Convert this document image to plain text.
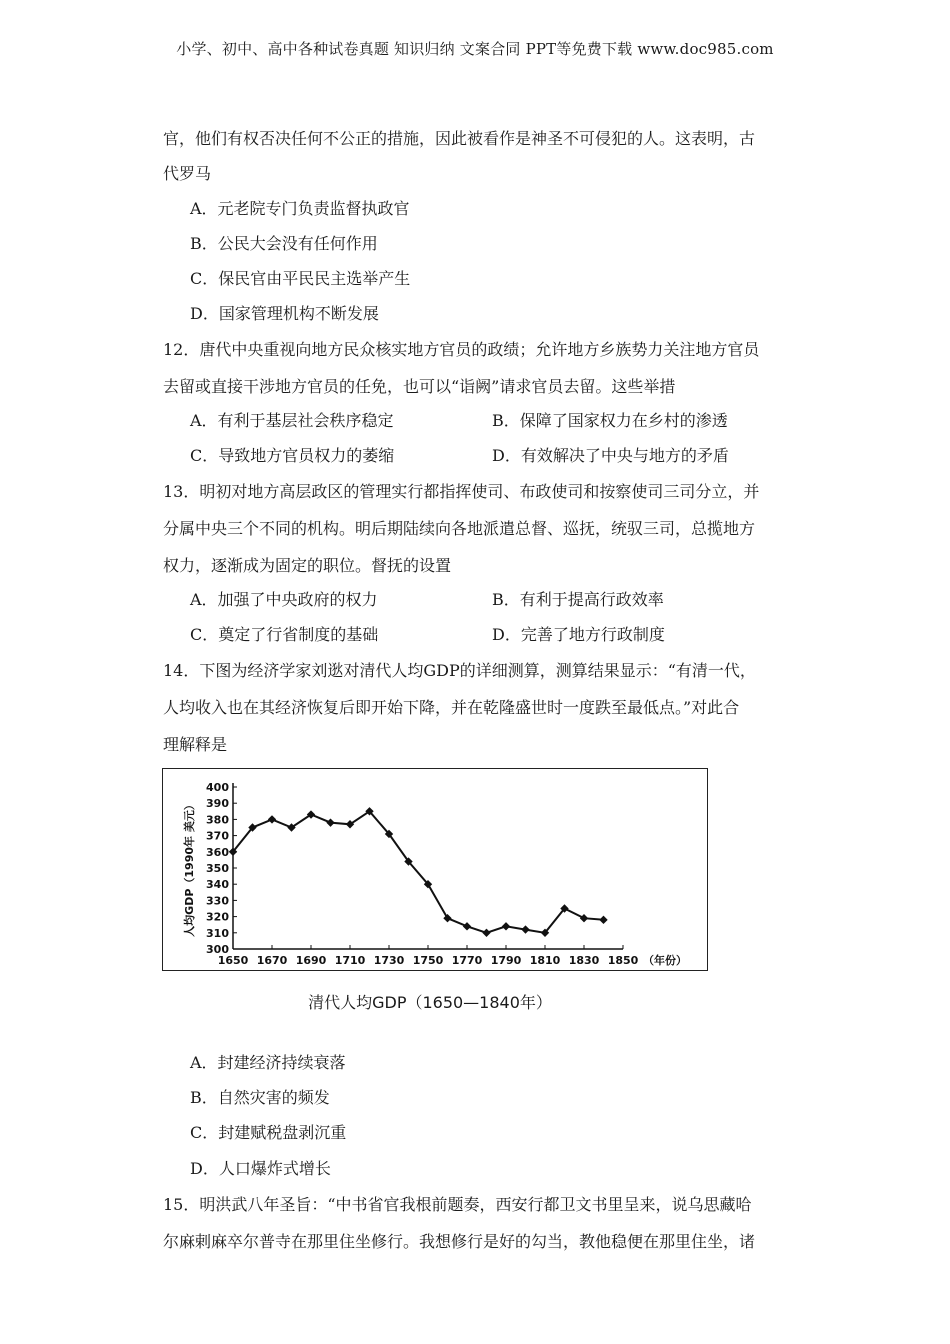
小学、初中、高中各种试卷真题 知识归纳 文案合同 PPT等免费下载 www.doc985.com
官，他们有权否决任何不公正的措施，因此被看作是神圣不可侵犯的人。这表明，古
代罗马
A．元老院专门负责监督执政官
B．公民大会没有任何作用
C．保民官由平民民主选举产生
D．国家管理机构不断发展
12．唐代中央重视向地方民众核实地方官员的政绩；允许地方乡族势力关注地方官员
去留或直接干涉地方官员的任免，也可以“诣阙”请求官员去留。这些举措
A．有利于基层社会秩序稳定	B．保障了国家权力在乡村的渗透
C．导致地方官员权力的萎缩	D．有效解决了中央与地方的矛盾
13．明初对地方高层政区的管理实行都指挥使司、布政使司和按察使司三司分立，并
分属中央三个不同的机构。明后期陆续向各地派遣总督、巡抚，统驭三司，总揽地方
权力，逐渐成为固定的职位。督抚的设置
A．加强了中央政府的权力	B．有利于提高行政效率
C．奠定了行省制度的基础	D．完善了地方行政制度
14．下图为经济学家刘逖对清代人均GDP的详细测算，测算结果显示：“有清一代，
人均收入也在其经济恢复后即开始下降，并在乾隆盛世时一度跌至最低点。”对此合
理解释是
300
310
320
330
340
350
360
370
380
390
400
1650 1670 1690 1710 1730 1750 1770 1790 1810 1830 1850
人均GDP（1990年 美元）
（年份）
清代人均GDP（1650—1840年）
A．封建经济持续衰落
B．自然灾害的频发
C．封建赋税盘剥沉重
D．人口爆炸式增长
15．明洪武八年圣旨：“中书省官我根前题奏，西安行都卫文书里呈来，说乌思藏哈
尔麻剌麻卒尔普寺在那里住坐修行。我想修行是好的勾当，教他稳便在那里住坐，诸
